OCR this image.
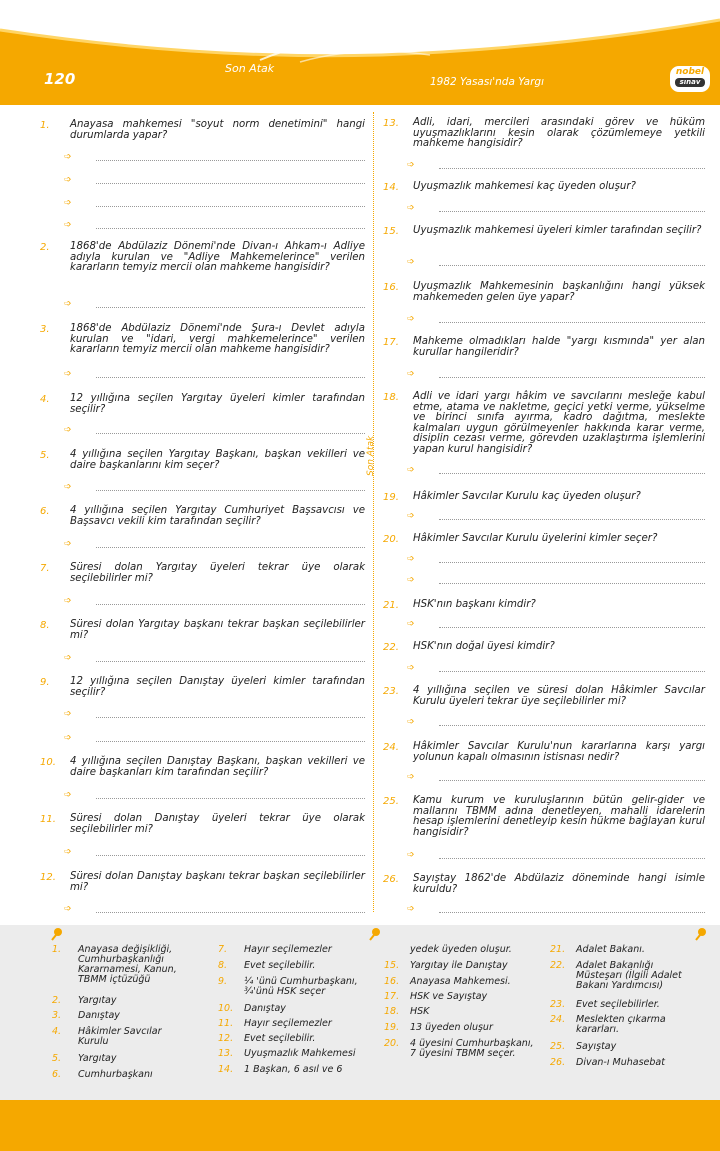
120
Son Atak
1982 Yasası'nda Yargı
nobel
sınav
1. Anayasa mahkemesi "soyut norm denetimini" hangi durumlarda yapar?
➩
➩
➩
➩
2. 1868'de Abdülaziz Dönemi'nde Divan-ı Ahkam-ı Adliye adıyla kurulan ve "Adliye Mahkemelerince" verilen kararların temyiz mercii olan mahkeme hangisidir?
➩
3. 1868'de Abdülaziz Dönemi'nde Şura-ı Devlet adıyla kurulan ve "idari, vergi mahkemelerince" verilen kararların temyiz mercii olan mahkeme hangisidir?
➩
4. 12 yıllığına seçilen Yargıtay üyeleri kimler tarafından seçilir?
➩
5. 4 yıllığına seçilen Yargıtay Başkanı, başkan vekilleri ve daire başkanlarını kim seçer?
➩
6. 4 yıllığına seçilen Yargıtay Cumhuriyet Başsavcısı ve Başsavcı vekili kim tarafından seçilir?
➩
7. Süresi dolan Yargıtay üyeleri tekrar üye olarak seçilebilirler mi?
➩
8. Süresi dolan Yargıtay başkanı tekrar başkan seçilebilirler mi?
➩
9. 12 yıllığına seçilen Danıştay üyeleri kimler tarafından seçilir?
➩
➩
10. 4 yıllığına seçilen Danıştay Başkanı, başkan vekilleri ve daire başkanları kim tarafından seçilir?
➩
11. Süresi dolan Danıştay üyeleri tekrar üye olarak seçilebilirler mi?
➩
12. Süresi dolan Danıştay başkanı tekrar başkan seçilebilirler mi?
➩
Son Atak
13. Adli, idari, mercileri arasındaki görev ve hüküm uyuşmazlıklarını kesin olarak çözümlemeye yetkili mahkeme hangisidir?
➩
14. Uyuşmazlık mahkemesi kaç üyeden oluşur?
➩
15. Uyuşmazlık mahkemesi üyeleri kimler tarafından seçilir?
➩
16. Uyuşmazlık Mahkemesinin başkanlığını hangi yüksek mahkemeden gelen üye yapar?
➩
17. Mahkeme olmadıkları halde "yargı kısmında" yer alan kurullar hangileridir?
➩
18. Adli ve idari yargı hâkim ve savcılarını mesleğe kabul etme, atama ve nakletme, geçici yetki verme, yükselme ve birinci sınıfa ayırma, kadro dağıtma, meslekte kalmaları uygun görülmeyenler hakkında karar verme, disiplin cezası verme, görevden uzaklaştırma işlemlerini yapan kurul hangisidir?
➩
19. Hâkimler Savcılar Kurulu kaç üyeden oluşur?
➩
20. Hâkimler Savcılar Kurulu üyelerini kimler seçer?
➩
➩
21. HSK'nın başkanı kimdir?
➩
22. HSK'nın doğal üyesi kimdir?
➩
23. 4 yıllığına seçilen ve süresi dolan Hâkimler Savcılar Kurulu üyeleri tekrar üye seçilebilirler mi?
➩
24. Hâkimler Savcılar Kurulu'nun kararlarına karşı yargı yolunun kapalı olmasının istisnası nedir?
➩
25. Kamu kurum ve kuruluşlarının bütün gelir-gider ve mallarını TBMM adına denetleyen, mahalli idarelerin hesap işlemlerini denetleyip kesin hükme bağlayan kurul hangisidir?
➩
26. Sayıştay 1862'de Abdülaziz döneminde hangi isimle kuruldu?
➩
1. Anayasa değişikliği, Cumhurbaşkanlığı Kararnamesi, Kanun, TBMM içtüzüğü
2. Yargıtay
3. Danıştay
4. Hâkimler Savcılar Kurulu
5. Yargıtay
6. Cumhurbaşkanı
7. Hayır seçilemezler
8. Evet seçilebilir.
9. ¼ 'ünü Cumhurbaşkanı, ¾'ünü HSK seçer
10. Danıştay
11. Hayır seçilemezler
12. Evet seçilebilir.
13. Uyuşmazlık Mahkemesi
14. 1 Başkan, 6 asıl ve 6
yedek üyeden oluşur.
15. Yargıtay ile Danıştay
16. Anayasa Mahkemesi.
17. HSK ve Sayıştay
18. HSK
19. 13 üyeden oluşur
20. 4 üyesini Cumhurbaşkanı, 7 üyesini TBMM seçer.
21. Adalet Bakanı.
22. Adalet Bakanlığı Müsteşarı (İlgili Adalet Bakanı Yardımcısı)
23. Evet seçilebilirler.
24. Meslekten çıkarma kararları.
25. Sayıştay
26. Divan-ı Muhasebat
